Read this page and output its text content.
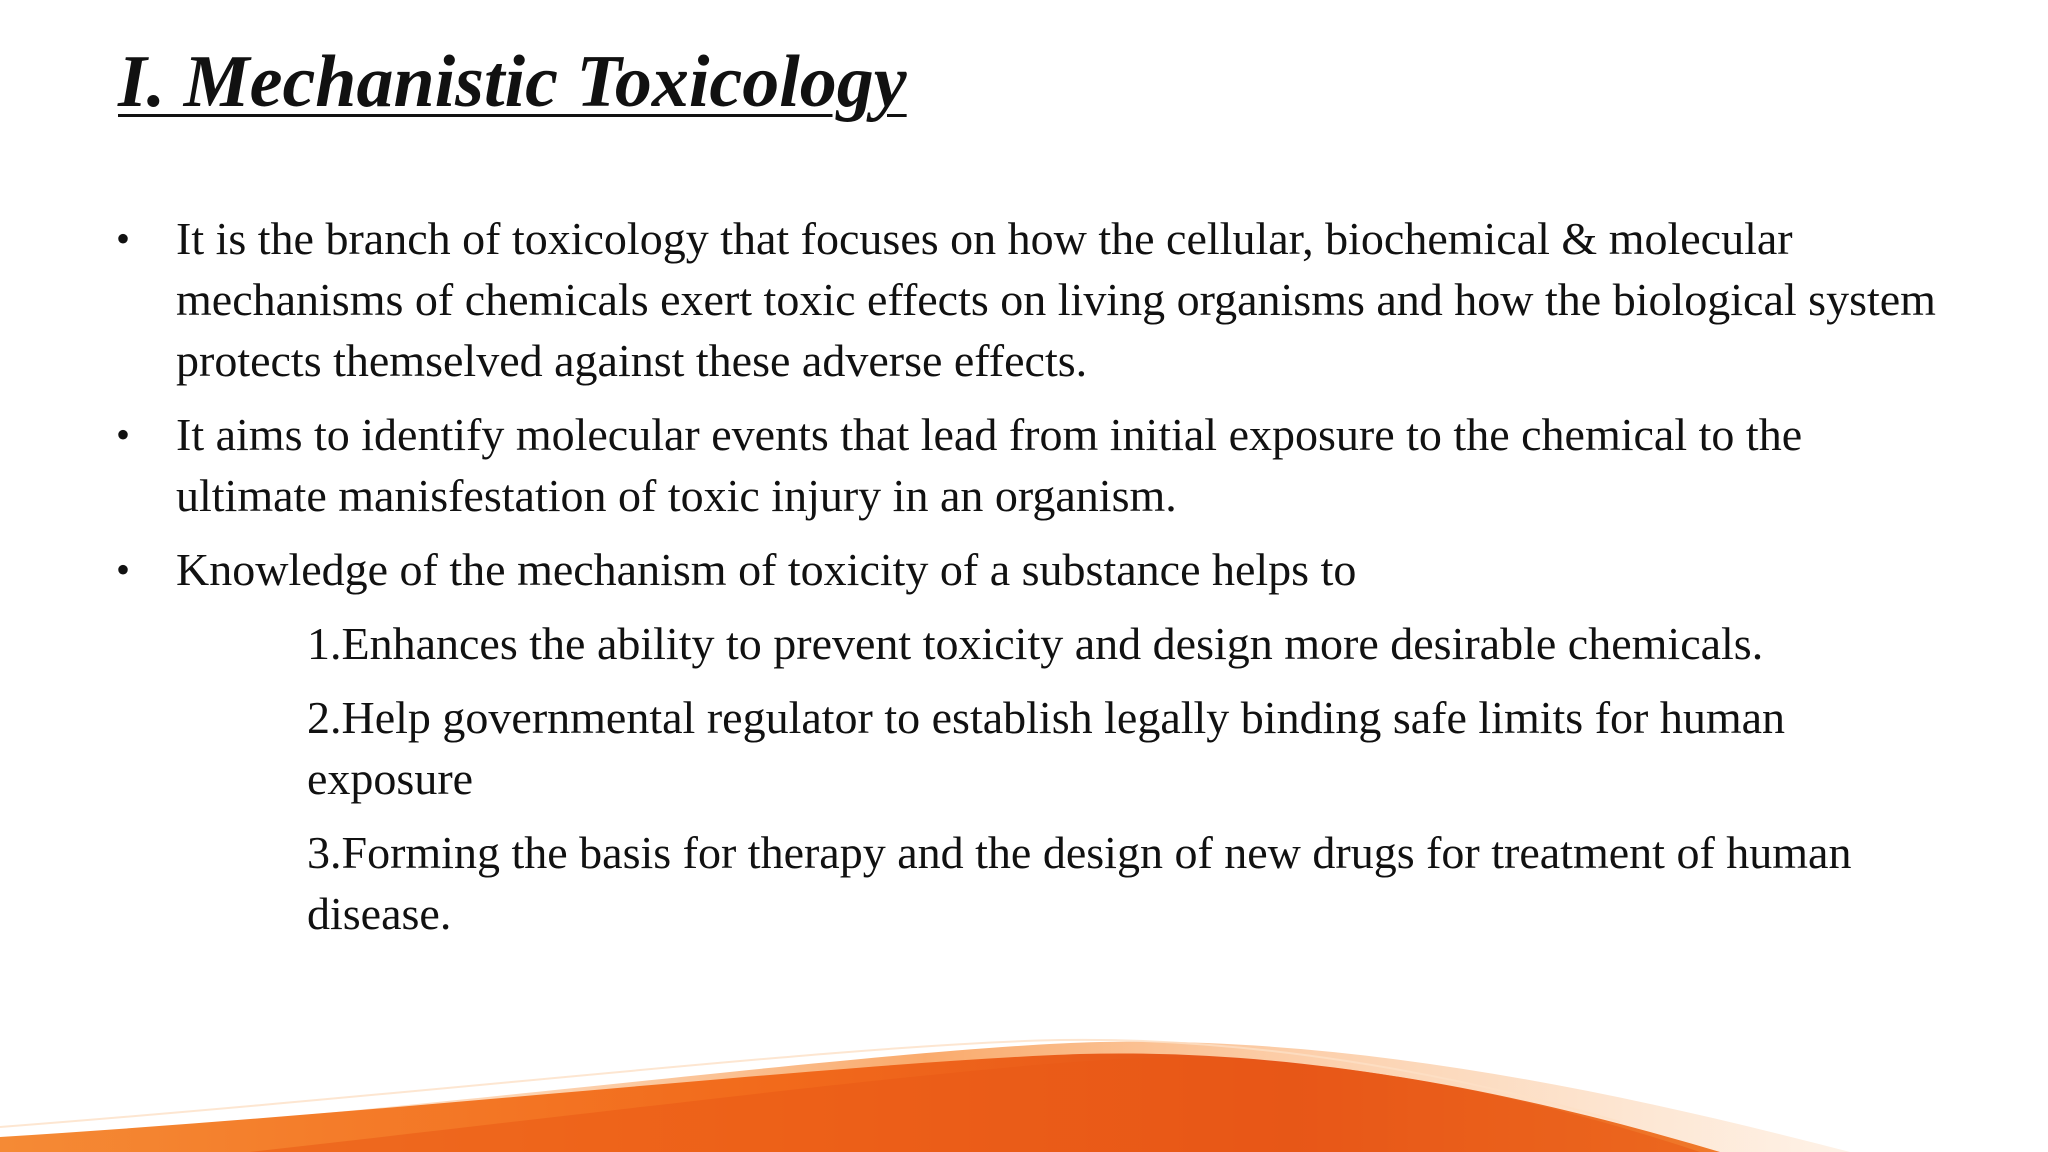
I. Mechanistic Toxicology
• It is the branch of toxicology that focuses on how the cellular, biochemical & molecular mechanisms of chemicals exert toxic effects on living organisms and how the biological system protects themselved against these adverse effects.
• It aims to identify molecular events that lead from initial exposure to the chemical to the ultimate manisfestation of toxic injury in an organism.
• Knowledge of the mechanism of toxicity of a substance helps to
1.Enhances the ability to prevent toxicity and design more desirable chemicals.
2.Help governmental regulator to establish legally binding safe limits for human exposure
3.Forming the basis for therapy and the design of new drugs for treatment of human disease.
